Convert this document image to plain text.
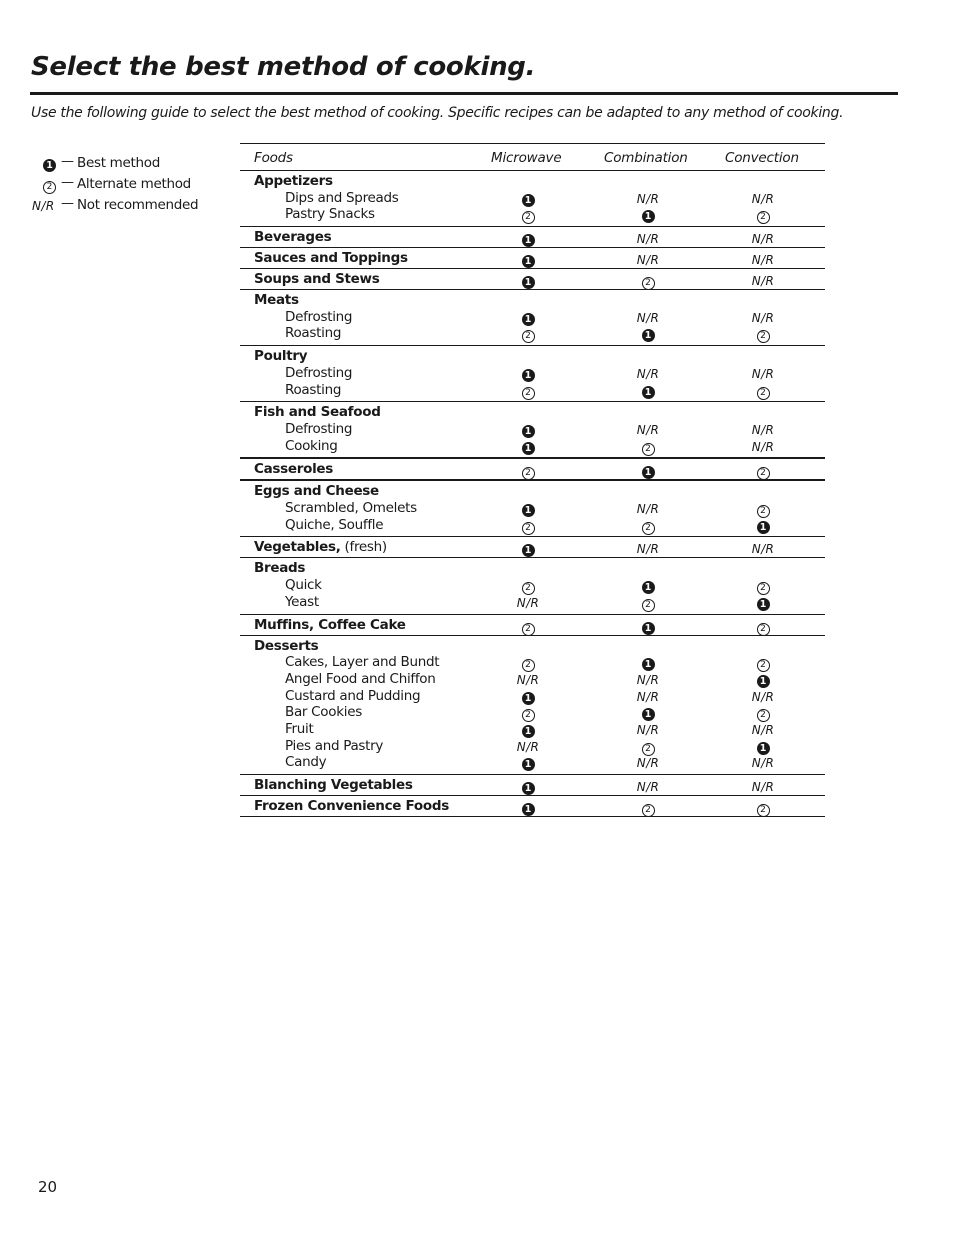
Select the best method of cooking.

Use the following guide to select the best method of cooking. Specific recipes can be adapted to any method of cooking.

1 — Best method
2 — Alternate method
N/R — Not recommended
Foods	Microwave	Combination	Convection
Appetizers
Dips and Spreads	1	N/R	N/R
Pastry Snacks	2	1	2
Beverages	1	N/R	N/R
Sauces and Toppings	1	N/R	N/R
Soups and Stews	1	2	N/R
Meats
Defrosting	1	N/R	N/R
Roasting	2	1	2
Poultry
Defrosting	1	N/R	N/R
Roasting	2	1	2
Fish and Seafood
Defrosting	1	N/R	N/R
Cooking	1	2	N/R
Casseroles	2	1	2
Eggs and Cheese
Scrambled, Omelets	1	N/R	2
Quiche, Souffle	2	2	1
Vegetables, (fresh)	1	N/R	N/R
Breads
Quick	2	1	2
Yeast	N/R	2	1
Muffins, Coffee Cake	2	1	2
Desserts
Cakes, Layer and Bundt	2	1	2
Angel Food and Chiffon	N/R	N/R	1
Custard and Pudding	1	N/R	N/R
Bar Cookies	2	1	2
Fruit	1	N/R	N/R
Pies and Pastry	N/R	2	1
Candy	1	N/R	N/R
Blanching Vegetables	1	N/R	N/R
Frozen Convenience Foods	1	2	2
20
